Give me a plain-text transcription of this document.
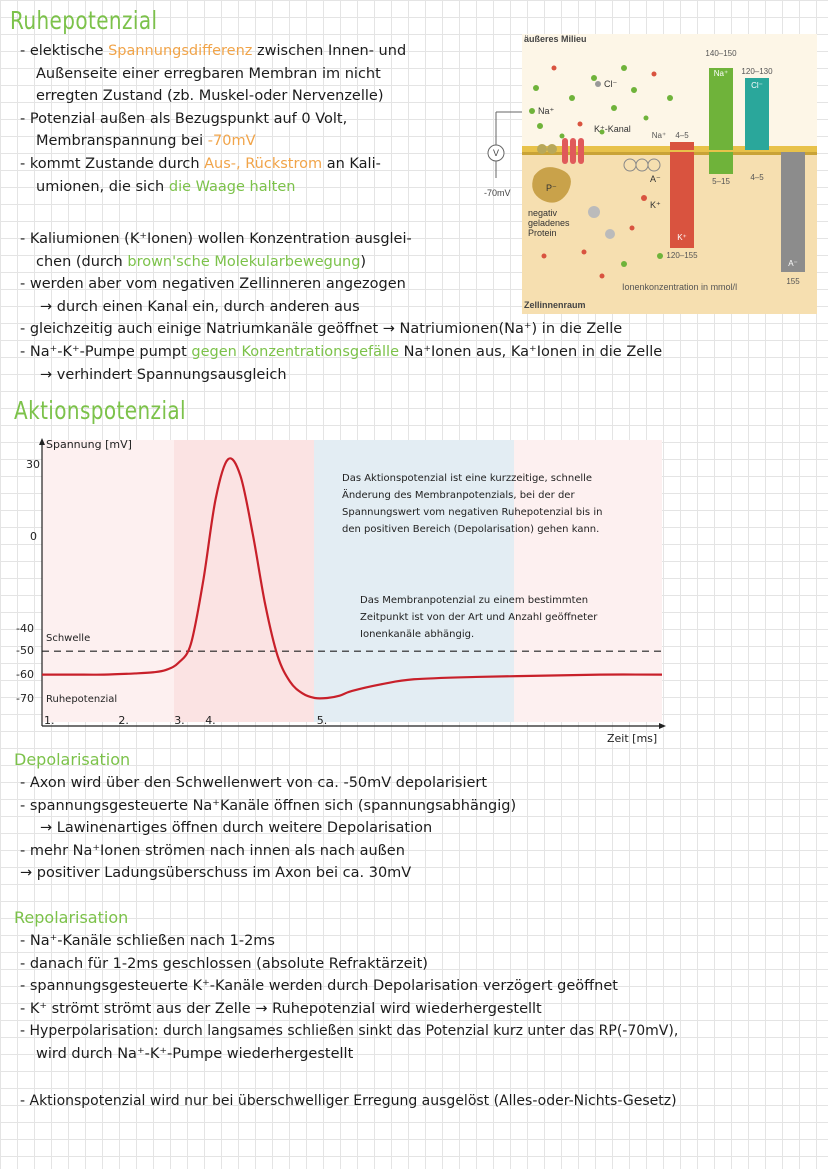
Ruhepotenzial
- elektische Spannungsdifferenz zwischen Innen- und
Außenseite einer erregbaren Membran im nicht
erregten Zustand (zb. Muskel-oder Nervenzelle)
- Potenzial außen als Bezugspunkt auf 0 Volt,
Membranspannung bei -70mV
- kommt Zustande durch Aus-, Rückstrom an Kali-
umionen, die sich die Waage halten
- Kaliumionen (K⁺Ionen) wollen Konzentration ausglei-
chen (durch brown'sche Molekularbewegung)
- werden aber vom negativen Zellinneren angezogen
→ durch einen Kanal ein, durch anderen aus
- gleichzeitig auch einige Natriumkanäle geöffnet → Natriumionen(Na⁺) in die Zelle
- Na⁺-K⁺-Pumpe pumpt gegen Konzentrationsgefälle Na⁺Ionen aus, Ka⁺Ionen in die Zelle
→ verhindert Spannungsausgleich
V
-70mV
äußeres Milieu
Zellinnenraum
Na⁺
Cl⁻
K⁺-Kanal
P⁻
negativ
geladenes
Protein
A⁻
K⁺
140–150
Na⁺ 120–130
Cl⁻
4–5
5–15
4–5
Na⁺
K⁺
120–155
A⁻
155
Ionenkonzentration in mmol/l
Aktionspotenzial
Spannung [mV]
Zeit [ms]
30
0
-40
-50
-60
-70
Schwelle
Ruhepotenzial
1.	2.	3. 4.	5.
Das Aktionspotenzial ist eine kurzzeitige, schnelle
Änderung des Membranpotenzials, bei der der
Spannungswert vom negativen Ruhepotenzial bis in
den positiven Bereich (Depolarisation) gehen kann.
Das Membranpotenzial zu einem bestimmten
Zeitpunkt ist von der Art und Anzahl geöffneter
Ionenkanäle abhängig.
Depolarisation
- Axon wird über den Schwellenwert von ca. -50mV depolarisiert
- spannungsgesteuerte Na⁺Kanäle öffnen sich (spannungsabhängig)
→ Lawinenartiges öffnen durch weitere Depolarisation
- mehr Na⁺Ionen strömen nach innen als nach außen
→ positiver Ladungsüberschuss im Axon bei ca. 30mV
Repolarisation
- Na⁺-Kanäle schließen nach 1-2ms
- danach für 1-2ms geschlossen (absolute Refraktärzeit)
- spannungsgesteuerte K⁺-Kanäle werden durch Depolarisation verzögert geöffnet
- K⁺ strömt strömt aus der Zelle → Ruhepotenzial wird wiederhergestellt
- Hyperpolarisation: durch langsames schließen sinkt das Potenzial kurz unter das RP(-70mV),
wird durch Na⁺-K⁺-Pumpe wiederhergestellt
- Aktionspotenzial wird nur bei überschwelliger Erregung ausgelöst (Alles-oder-Nichts-Gesetz)
